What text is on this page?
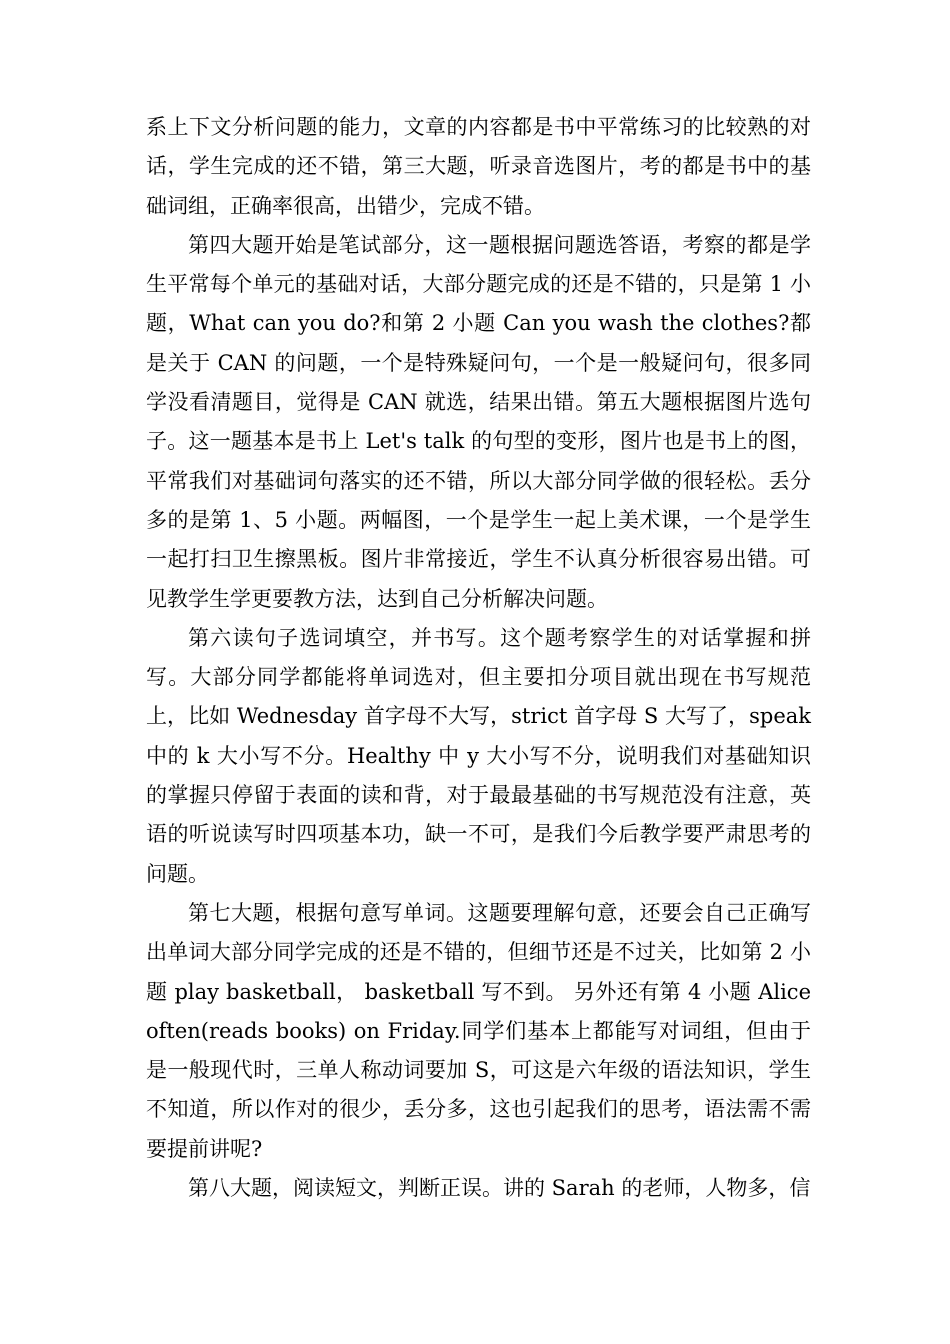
系上下文分析问题的能力，文章的内容都是书中平常练习的比较熟的对话，学生完成的还不错，第三大题，听录音选图片，考的都是书中的基础词组，正确率很高，出错少，完成不错。

第四大题开始是笔试部分，这一题根据问题选答语，考察的都是学生平常每个单元的基础对话，大部分题完成的还是不错的，只是第 1 小题，What can you do?和第 2 小题 Can you wash the clothes?都是关于 CAN 的问题，一个是特殊疑问句，一个是一般疑问句，很多同学没看清题目，觉得是 CAN 就选，结果出错。第五大题根据图片选句子。这一题基本是书上 Let's talk 的句型的变形，图片也是书上的图，平常我们对基础词句落实的还不错，所以大部分同学做的很轻松。丢分多的是第 1、5 小题。两幅图，一个是学生一起上美术课，一个是学生一起打扫卫生擦黑板。图片非常接近，学生不认真分析很容易出错。可见教学生学更要教方法，达到自己分析解决问题。

第六读句子选词填空，并书写。这个题考察学生的对话掌握和拼写。大部分同学都能将单词选对，但主要扣分项目就出现在书写规范上，比如 Wednesday 首字母不大写，strict 首字母 S 大写了，speak 中的 k 大小写不分。Healthy 中 y 大小写不分，说明我们对基础知识的掌握只停留于表面的读和背，对于最最基础的书写规范没有注意，英语的听说读写时四项基本功，缺一不可，是我们今后教学要严肃思考的问题。

第七大题，根据句意写单词。这题要理解句意，还要会自己正确写出单词大部分同学完成的还是不错的，但细节还是不过关，比如第 2 小题 play basketball， basketball 写不到。 另外还有第 4 小题 Alice often(reads books) on Friday.同学们基本上都能写对词组，但由于是一般现代时，三单人称动词要加 S，可这是六年级的语法知识，学生不知道，所以作对的很少，丢分多，这也引起我们的思考，语法需不需要提前讲呢?

第八大题，阅读短文，判断正误。讲的 Sarah 的老师，人物多，信
